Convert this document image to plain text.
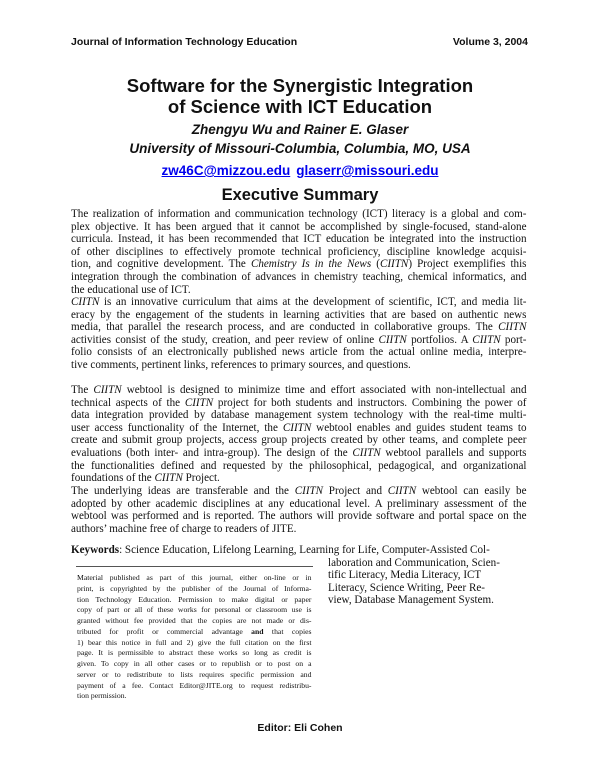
Journal of Information Technology Education	Volume 3, 2004
Software for the Synergistic Integration
of Science with ICT Education
Zhengyu Wu and Rainer E. Glaser
University of Missouri-Columbia, Columbia, MO, USA
zw46C@mizzou.edu glaserr@missouri.edu
Executive Summary
The realization of information and communication technology (ICT) literacy is a global and com-
plex objective. It has been argued that it cannot be accomplished by single-focused, stand-alone
curricula. Instead, it has been recommended that ICT education be integrated into the instruction
of other disciplines to effectively promote technical proficiency, discipline knowledge acquisi-
tion, and cognitive development. The Chemistry Is in the News (CIITN) Project exemplifies this
integration through the combination of advances in chemistry teaching, chemical informatics, and
the educational use of ICT.
CIITN is an innovative curriculum that aims at the development of scientific, ICT, and media lit-
eracy by the engagement of the students in learning activities that are based on authentic news
media, that parallel the research process, and are conducted in collaborative groups. The CIITN
activities consist of the study, creation, and peer review of online CIITN portfolios. A CIITN port-
folio consists of an electronically published news article from the actual online media, interpre-
tive comments, pertinent links, references to primary sources, and questions.
The CIITN webtool is designed to minimize time and effort associated with non-intellectual and
technical aspects of the CIITN project for both students and instructors. Combining the power of
data integration provided by database management system technology with the real-time multi-
user access functionality of the Internet, the CIITN webtool enables and guides student teams to
create and submit group projects, access group projects created by other teams, and complete peer
evaluations (both inter- and intra-group). The design of the CIITN webtool parallels and supports
the functionalities defined and requested by the philosophical, pedagogical, and organizational
foundations of the CIITN Project.
The underlying ideas are transferable and the CIITN Project and CIITN webtool can easily be
adopted by other academic disciplines at any educational level. A preliminary assessment of the
webtool was performed and is reported. The authors will provide software and portal space on the
authors’ machine free of charge to readers of JITE.
Keywords: Science Education, Lifelong Learning, Learning for Life, Computer-Assisted Col-
laboration and Communication, Scien-
tific Literacy, Media Literacy, ICT
Literacy, Science Writing, Peer Re-
view, Database Management System.
Material published as part of this journal, either on-line or in
print, is copyrighted by the publisher of the Journal of Informa-
tion Technology Education. Permission to make digital or paper
copy of part or all of these works for personal or classroom use is
granted without fee provided that the copies are not made or dis-
tributed for profit or commercial advantage and that copies
1) bear this notice in full and 2) give the full citation on the first
page. It is permissible to abstract these works so long as credit is
given. To copy in all other cases or to republish or to post on a
server or to redistribute to lists requires specific permission and
payment of a fee. Contact Editor@JITE.org to request redistribu-
tion permission.
Editor: Eli Cohen
